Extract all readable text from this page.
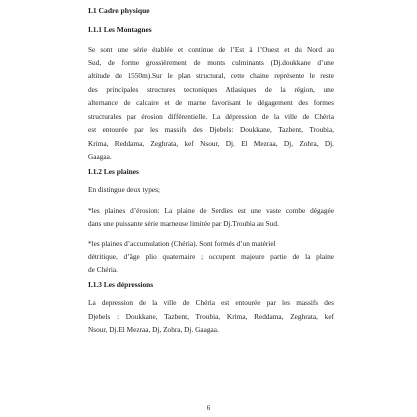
I.1 Cadre physique

I.1.1 Les Montagnes

Se sont une série établée et continue de l’Est à l’Ouest et du Nord au

Sud, de forme grossièrement de monts culminants (Dj.doukkane d’une

altitude de 1550m).Sur le plan structural, cette chaine représente le reste

des principales structures tectoniques Atlasiques de la région, une

alternance de calcaire et de marne favorisant le dégagement des formes

structurales par érosion différentielle. La dépression de la ville de Chéria

est entourée par les massifs des Djebels: Doukkane, Tazbent, Troubia,

Krima, Reddama, Zeghrata, kef Nsour, Dj. El Mezraa, Dj, Zohra, Dj.

Gaagaa.

I.1.2 Les plaines

En distingue deux types;

*les plaines d’érosion: La plaine de Serdies est une vaste combe dégagée

dans une puissante série marneuse limitée par Dj.Troubia au Sud.

*les plaines d’accumulation (Chéria). Sont formés d’un matériel

détritique, d’âge plio quaternaire ; occupent majeure partie de la plaine

de Chéria.

I.1.3 Les dépressions

La depression de la ville de Chéria est entourée par les massifs des

Djebels : Doukkane, Tazbent, Troubia, Krima, Reddama, Zeghrata, kef

Nsour, Dj.El Mezraa, Dj, Zohra, Dj. Gaagaa.

6
